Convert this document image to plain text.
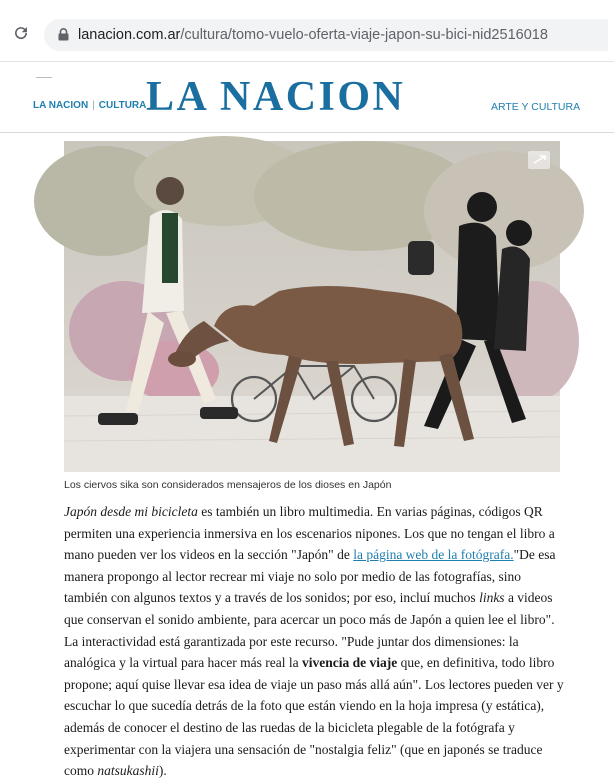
lanacion.com.ar/cultura/tomo-vuelo-oferta-viaje-japon-su-bici-nid2516018
LA NACION | CULTURA LA NACION	ARTE Y CULTURA
Los ciervos sika son considerados mensajeros de los dioses en Japón

Japón desde mi bicicleta es también un libro multimedia. En varias páginas, códigos QR permiten una experiencia inmersiva en los escenarios nipones. Los que no tengan el libro a mano pueden ver los videos en la sección "Japón" de la página web de la fotógrafa."De esa manera propongo al lector recrear mi viaje no solo por medio de las fotografías, sino también con algunos textos y a través de los sonidos; por eso, incluí muchos links a videos que conservan el sonido ambiente, para acercar un poco más de Japón a quien lee el libro". La interactividad está garantizada por este recurso. "Pude juntar dos dimensiones: la analógica y la virtual para hacer más real la vivencia de viaje que, en definitiva, todo libro propone; aquí quise llevar esa idea de viaje un paso más allá aún". Los lectores pueden ver y escuchar lo que sucedía detrás de la foto que están viendo en la hoja impresa (y estática), además de conocer el destino de las ruedas de la bicicleta plegable de la fotógrafa y experimentar con la viajera una sensación de "nostalgia feliz" (que en japonés se traduce como natsukashii).
